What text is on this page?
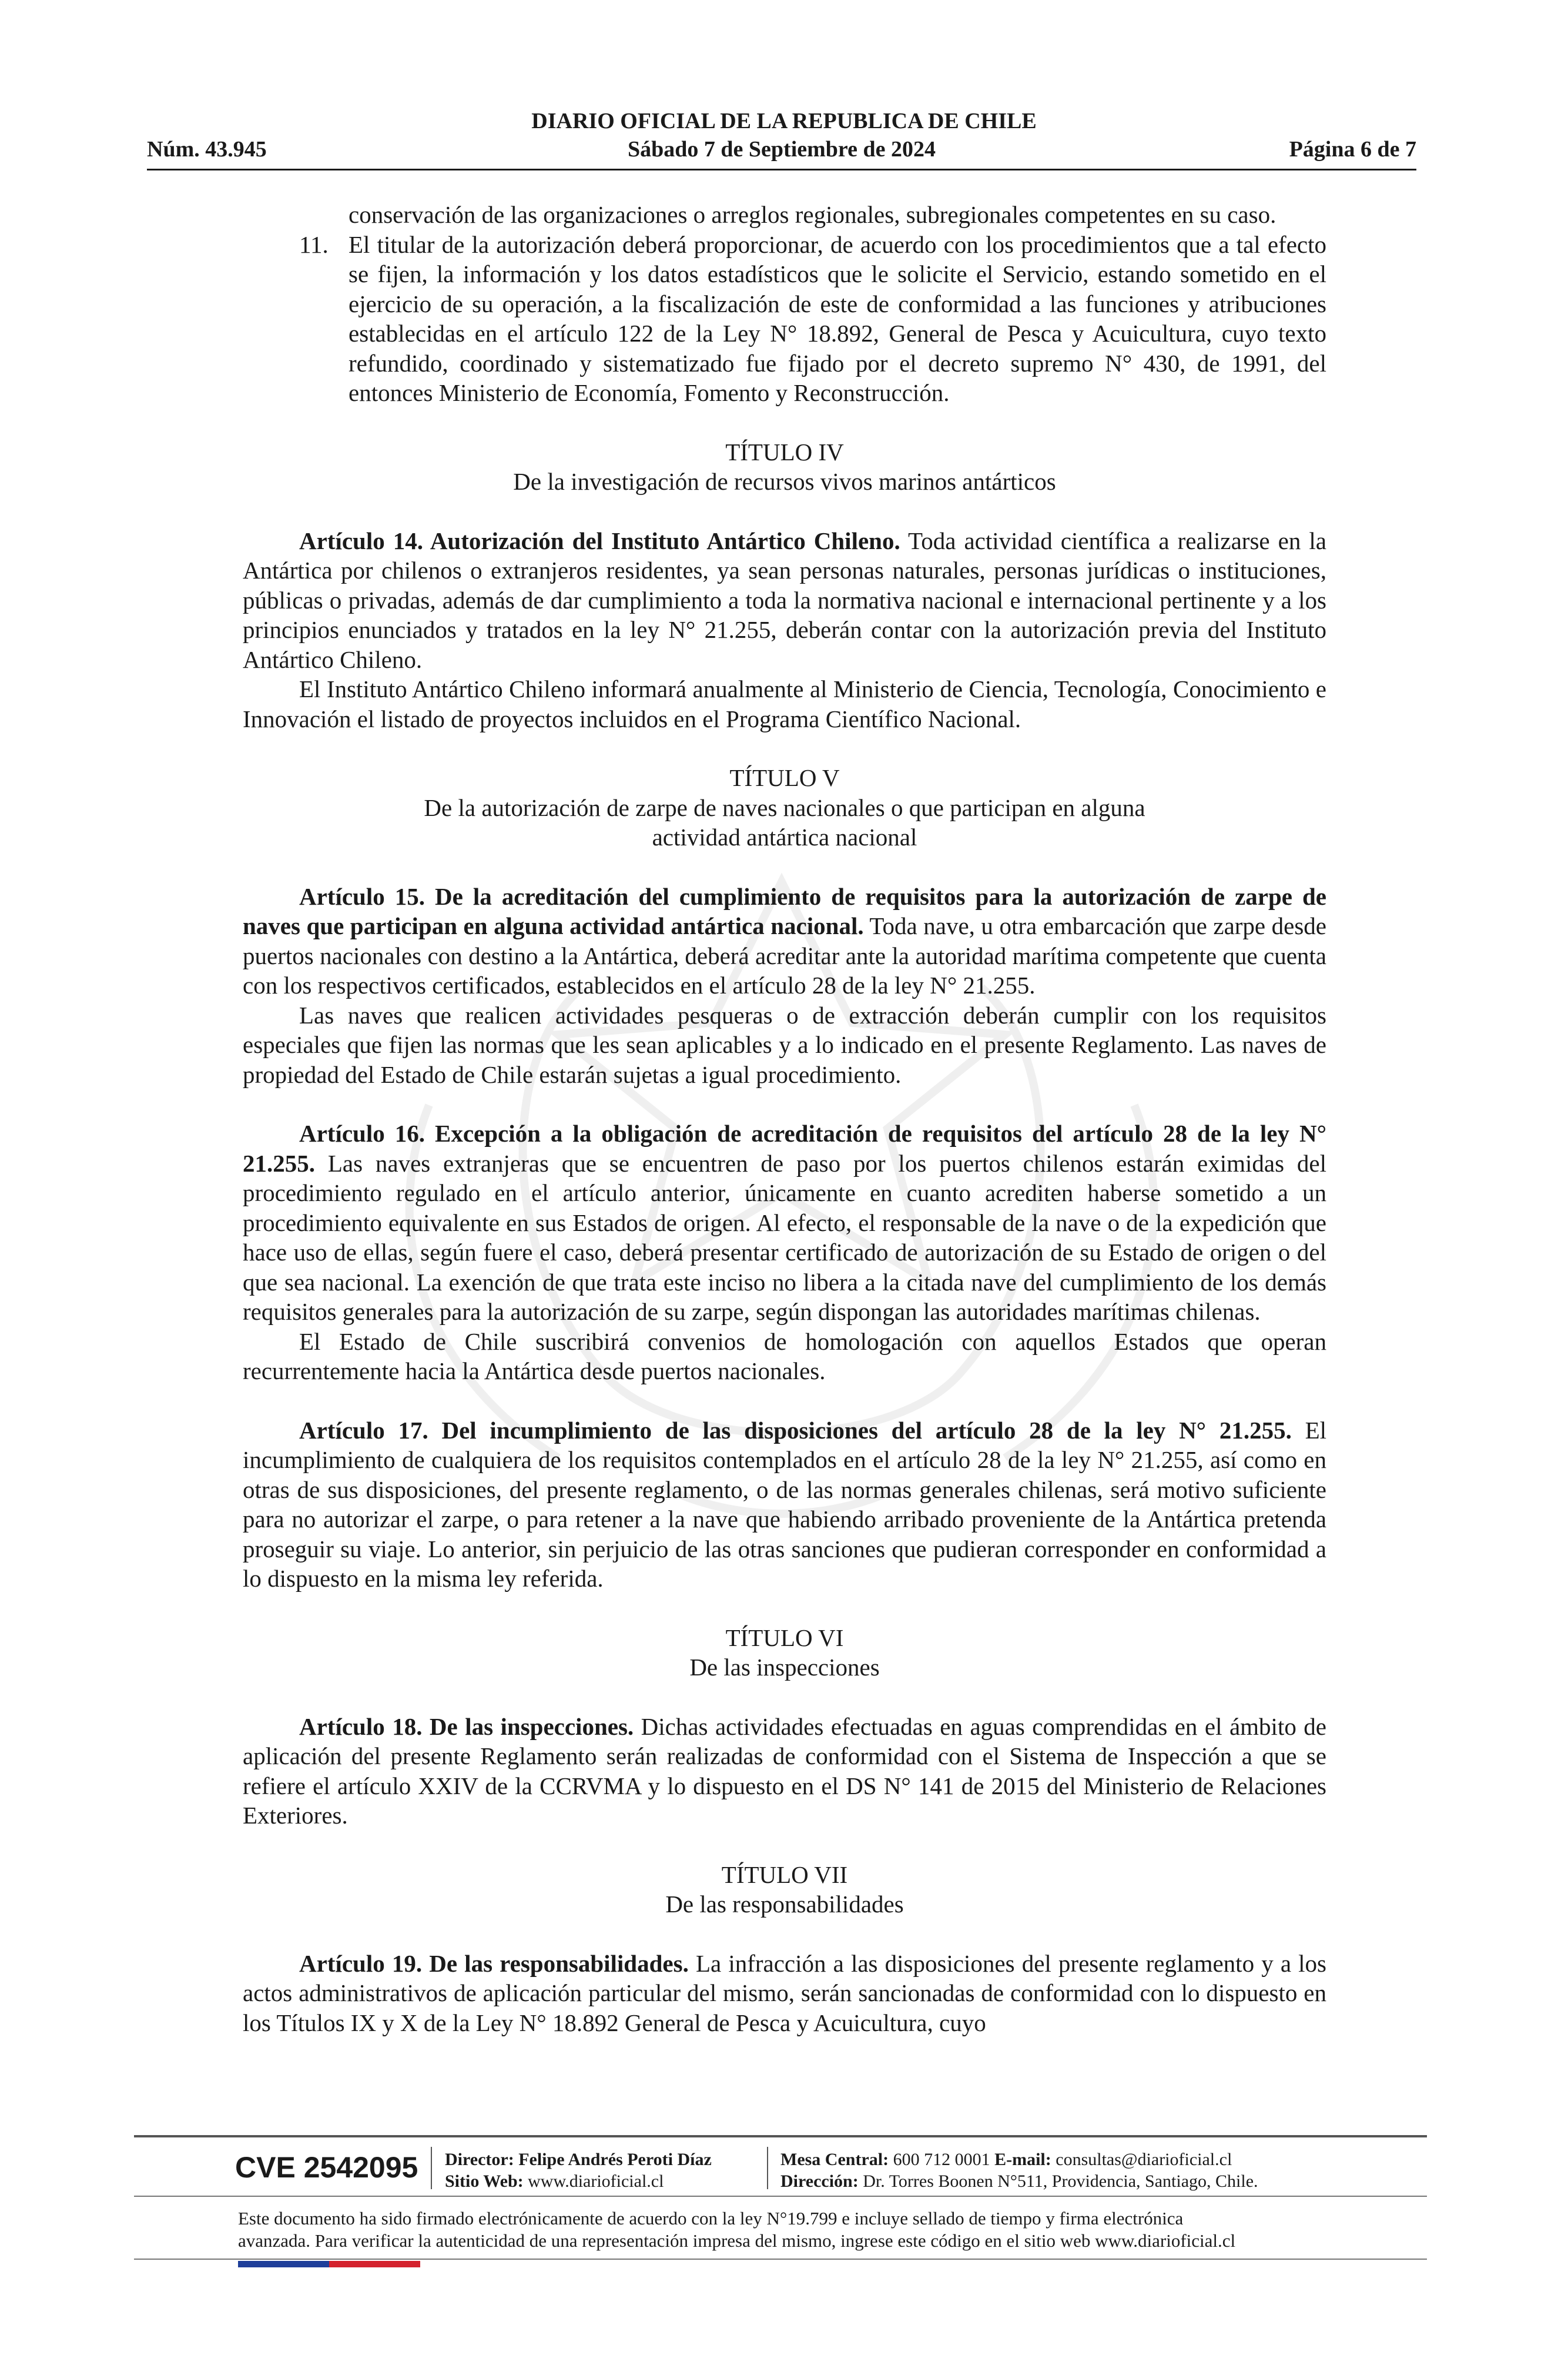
DIARIO OFICIAL DE LA REPUBLICA DE CHILE
Núm. 43.945	Sábado 7 de Septiembre de 2024	Página 6 de 7

conservación de las organizaciones o arreglos regionales, subregionales competentes en su caso.

11. El titular de la autorización deberá proporcionar, de acuerdo con los procedimientos que a tal efecto se fijen, la información y los datos estadísticos que le solicite el Servicio, estando sometido en el ejercicio de su operación, a la fiscalización de este de conformidad a las funciones y atribuciones establecidas en el artículo 122 de la Ley N° 18.892, General de Pesca y Acuicultura, cuyo texto refundido, coordinado y sistematizado fue fijado por el decreto supremo N° 430, de 1991, del entonces Ministerio de Economía, Fomento y Reconstrucción.

TÍTULO IV

De la investigación de recursos vivos marinos antárticos

Artículo 14. Autorización del Instituto Antártico Chileno. Toda actividad científica a realizarse en la Antártica por chilenos o extranjeros residentes, ya sean personas naturales, personas jurídicas o instituciones, públicas o privadas, además de dar cumplimiento a toda la normativa nacional e internacional pertinente y a los principios enunciados y tratados en la ley N° 21.255, deberán contar con la autorización previa del Instituto Antártico Chileno.

El Instituto Antártico Chileno informará anualmente al Ministerio de Ciencia, Tecnología, Conocimiento e Innovación el listado de proyectos incluidos en el Programa Científico Nacional.

TÍTULO V

De la autorización de zarpe de naves nacionales o que participan en alguna

actividad antártica nacional

Artículo 15. De la acreditación del cumplimiento de requisitos para la autorización de zarpe de naves que participan en alguna actividad antártica nacional. Toda nave, u otra embarcación que zarpe desde puertos nacionales con destino a la Antártica, deberá acreditar ante la autoridad marítima competente que cuenta con los respectivos certificados, establecidos en el artículo 28 de la ley N° 21.255.

Las naves que realicen actividades pesqueras o de extracción deberán cumplir con los requisitos especiales que fijen las normas que les sean aplicables y a lo indicado en el presente Reglamento. Las naves de propiedad del Estado de Chile estarán sujetas a igual procedimiento.

Artículo 16. Excepción a la obligación de acreditación de requisitos del artículo 28 de la ley N° 21.255. Las naves extranjeras que se encuentren de paso por los puertos chilenos estarán eximidas del procedimiento regulado en el artículo anterior, únicamente en cuanto acrediten haberse sometido a un procedimiento equivalente en sus Estados de origen. Al efecto, el responsable de la nave o de la expedición que hace uso de ellas, según fuere el caso, deberá presentar certificado de autorización de su Estado de origen o del que sea nacional. La exención de que trata este inciso no libera a la citada nave del cumplimiento de los demás requisitos generales para la autorización de su zarpe, según dispongan las autoridades marítimas chilenas.

El Estado de Chile suscribirá convenios de homologación con aquellos Estados que operan recurrentemente hacia la Antártica desde puertos nacionales.

Artículo 17. Del incumplimiento de las disposiciones del artículo 28 de la ley N° 21.255. El incumplimiento de cualquiera de los requisitos contemplados en el artículo 28 de la ley N° 21.255, así como en otras de sus disposiciones, del presente reglamento, o de las normas generales chilenas, será motivo suficiente para no autorizar el zarpe, o para retener a la nave que habiendo arribado proveniente de la Antártica pretenda proseguir su viaje. Lo anterior, sin perjuicio de las otras sanciones que pudieran corresponder en conformidad a lo dispuesto en la misma ley referida.

TÍTULO VI

De las inspecciones

Artículo 18. De las inspecciones. Dichas actividades efectuadas en aguas comprendidas en el ámbito de aplicación del presente Reglamento serán realizadas de conformidad con el Sistema de Inspección a que se refiere el artículo XXIV de la CCRVMA y lo dispuesto en el DS N° 141 de 2015 del Ministerio de Relaciones Exteriores.

TÍTULO VII

De las responsabilidades

Artículo 19. De las responsabilidades. La infracción a las disposiciones del presente reglamento y a los actos administrativos de aplicación particular del mismo, serán sancionadas de conformidad con lo dispuesto en los Títulos IX y X de la Ley N° 18.892 General de Pesca y Acuicultura, cuyo

CVE 2542095 Director: Felipe Andrés Peroti Díaz
Sitio Web: www.diarioficial.cl
Mesa Central: 600 712 0001 E-mail: consultas@diarioficial.cl
Dirección: Dr. Torres Boonen N°511, Providencia, Santiago, Chile.
Este documento ha sido firmado electrónicamente de acuerdo con la ley N°19.799 e incluye sellado de tiempo y firma electrónica
avanzada. Para verificar la autenticidad de una representación impresa del mismo, ingrese este código en el sitio web www.diarioficial.cl
